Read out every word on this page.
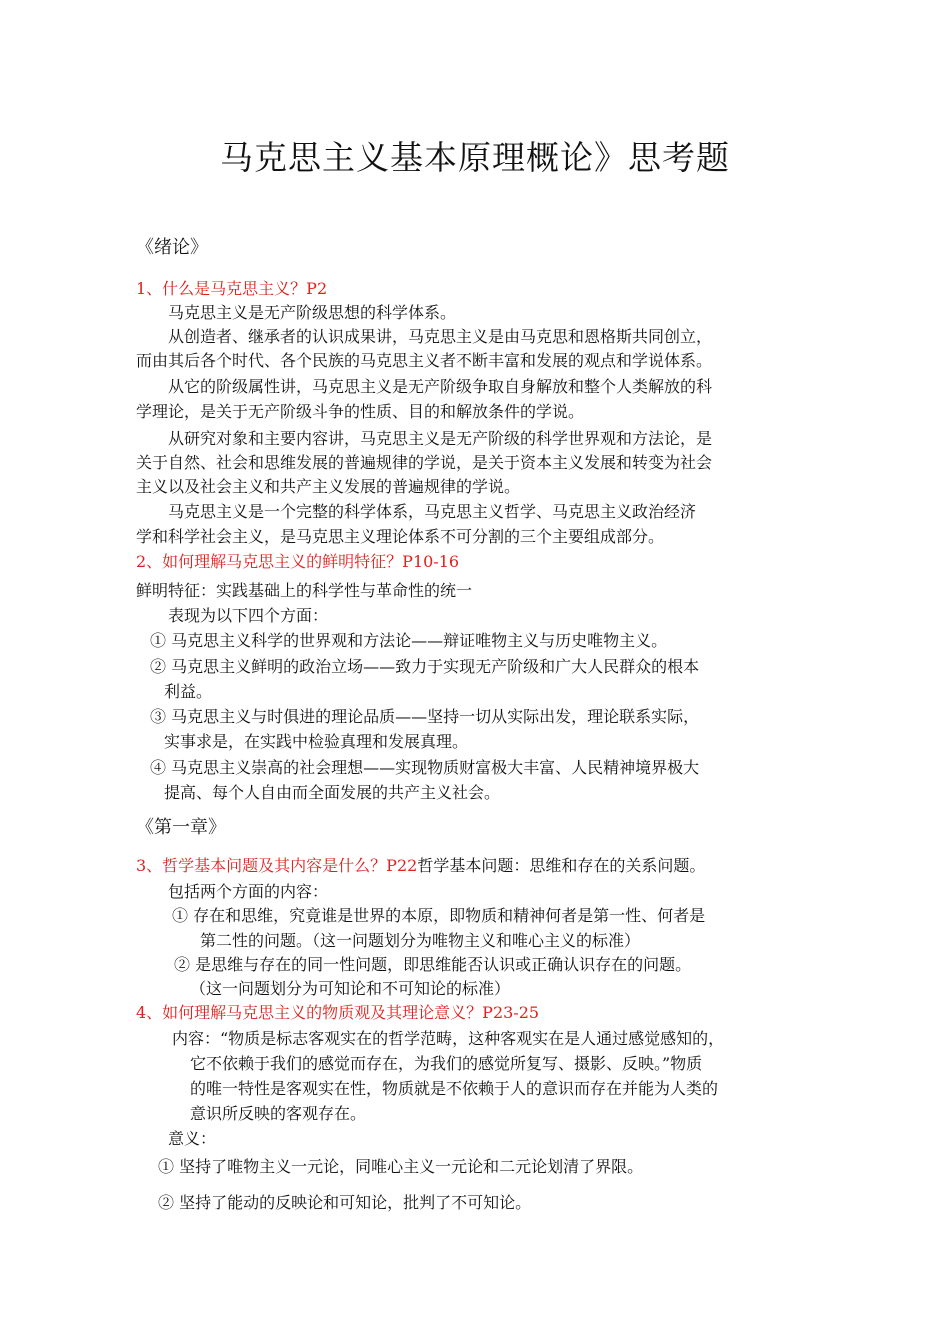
马克思主义基本原理概论》思考题
《绪论》
1、什么是马克思主义？P2
马克思主义是无产阶级思想的科学体系。
从创造者、继承者的认识成果讲，马克思主义是由马克思和恩格斯共同创立，
而由其后各个时代、各个民族的马克思主义者不断丰富和发展的观点和学说体系。
从它的阶级属性讲，马克思主义是无产阶级争取自身解放和整个人类解放的科
学理论，是关于无产阶级斗争的性质、目的和解放条件的学说。
从研究对象和主要内容讲，马克思主义是无产阶级的科学世界观和方法论，是
关于自然、社会和思维发展的普遍规律的学说，是关于资本主义发展和转变为社会
主义以及社会主义和共产主义发展的普遍规律的学说。
马克思主义是一个完整的科学体系，马克思主义哲学、马克思主义政治经济
学和科学社会主义，是马克思主义理论体系不可分割的三个主要组成部分。
2、如何理解马克思主义的鲜明特征？P10-16
鲜明特征：实践基础上的科学性与革命性的统一
表现为以下四个方面：
① 马克思主义科学的世界观和方法论——辩证唯物主义与历史唯物主义。
② 马克思主义鲜明的政治立场——致力于实现无产阶级和广大人民群众的根本
利益。
③ 马克思主义与时俱进的理论品质——坚持一切从实际出发，理论联系实际，
实事求是，在实践中检验真理和发展真理。
④ 马克思主义崇高的社会理想——实现物质财富极大丰富、人民精神境界极大
提高、每个人自由而全面发展的共产主义社会。
《第一章》
3、哲学基本问题及其内容是什么？P22哲学基本问题：思维和存在的关系问题。
包括两个方面的内容：
① 存在和思维，究竟谁是世界的本原，即物质和精神何者是第一性、何者是
第二性的问题。（这一问题划分为唯物主义和唯心主义的标准）
② 是思维与存在的同一性问题，即思维能否认识或正确认识存在的问题。
（这一问题划分为可知论和不可知论的标准）
4、如何理解马克思主义的物质观及其理论意义？P23-25
内容：“物质是标志客观实在的哲学范畴，这种客观实在是人通过感觉感知的，
它不依赖于我们的感觉而存在，为我们的感觉所复写、摄影、反映。”物质
的唯一特性是客观实在性，物质就是不依赖于人的意识而存在并能为人类的
意识所反映的客观存在。
意义：
① 坚持了唯物主义一元论，同唯心主义一元论和二元论划清了界限。
② 坚持了能动的反映论和可知论，批判了不可知论。
